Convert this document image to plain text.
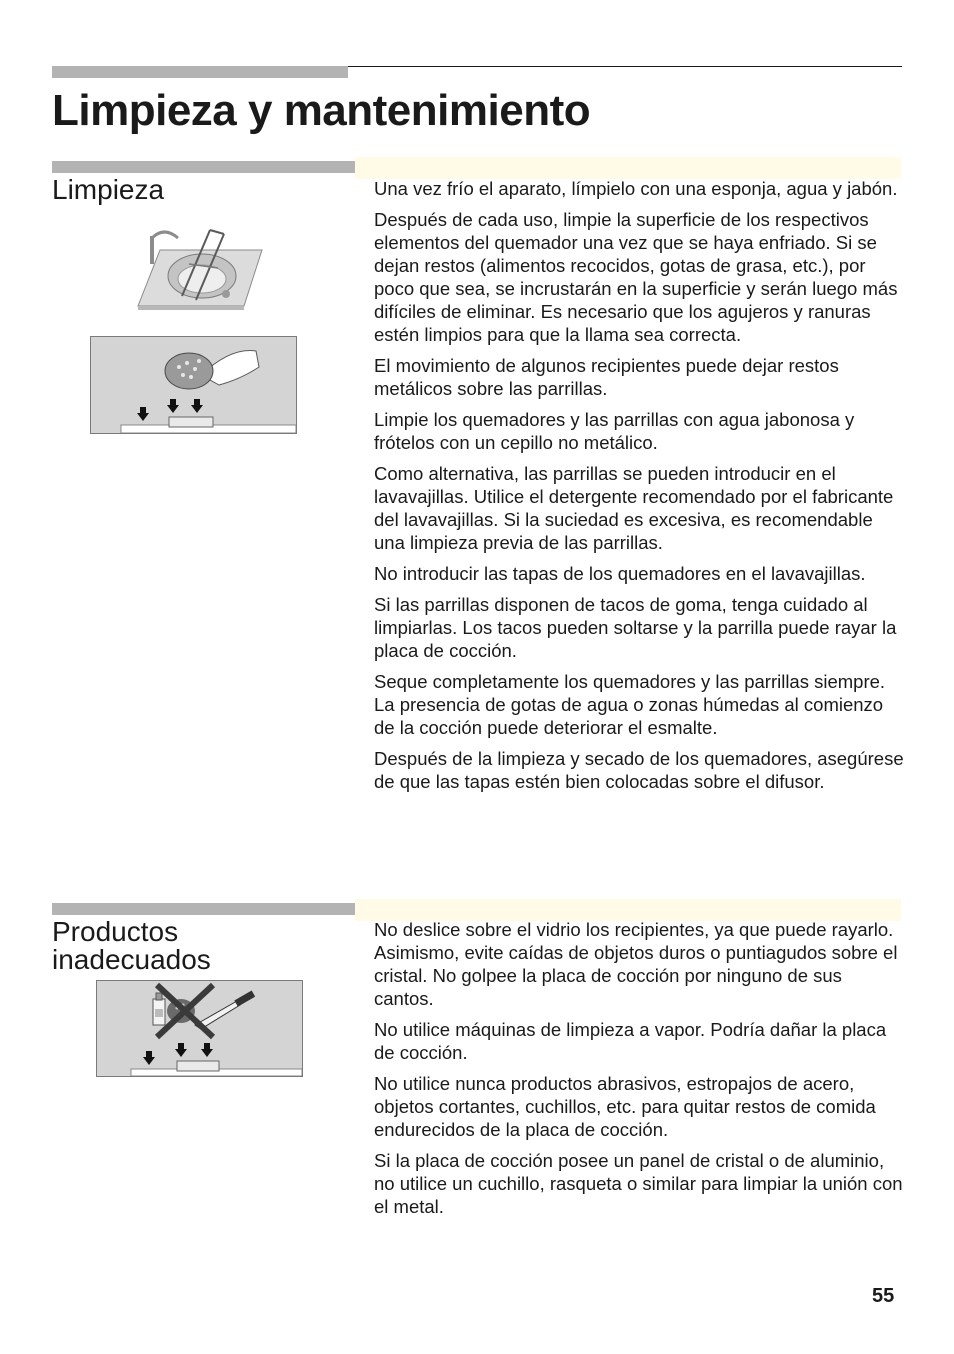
Limpieza y mantenimiento
Limpieza	Una vez frío el aparato, límpielo con una esponja, agua y jabón.

Después de cada uso, limpie la superficie de los respectivos elementos del quemador una vez que se haya enfriado. Si se dejan restos (alimentos recocidos, gotas de grasa, etc.), por poco que sea, se incrustarán en la superficie y serán luego más difíciles de eliminar. Es necesario que los agujeros y ranuras estén limpios para que la llama sea correcta.

El movimiento de algunos recipientes puede dejar restos metálicos sobre las parrillas.

Limpie los quemadores y las parrillas con agua jabonosa y frótelos con un cepillo no metálico.

Como alternativa, las parrillas se pueden introducir en el lavavajillas. Utilice el detergente recomendado por el fabricante del lavavajillas. Si la suciedad es excesiva, es recomendable una limpieza previa de las parrillas.

No introducir las tapas de los quemadores en el lavavajillas.

Si las parrillas disponen de tacos de goma, tenga cuidado al limpiarlas. Los tacos pueden soltarse y la parrilla puede rayar la placa de cocción.

Seque completamente los quemadores y las parrillas siempre. La presencia de gotas de agua o zonas húmedas al comienzo de la cocción puede deteriorar el esmalte.

Después de la limpieza y secado de los quemadores, asegúrese de que las tapas estén bien colocadas sobre el difusor.

Productos inadecuados

No deslice sobre el vidrio los recipientes, ya que puede rayarlo. Asimismo, evite caídas de objetos duros o puntiagudos sobre el cristal. No golpee la placa de cocción por ninguno de sus cantos.

No utilice máquinas de limpieza a vapor. Podría dañar la placa de cocción.

No utilice nunca productos abrasivos, estropajos de acero, objetos cortantes, cuchillos, etc. para quitar restos de comida endurecidos de la placa de cocción.

Si la placa de cocción posee un panel de cristal o de aluminio, no utilice un cuchillo, rasqueta o similar para limpiar la unión con el metal.

55
